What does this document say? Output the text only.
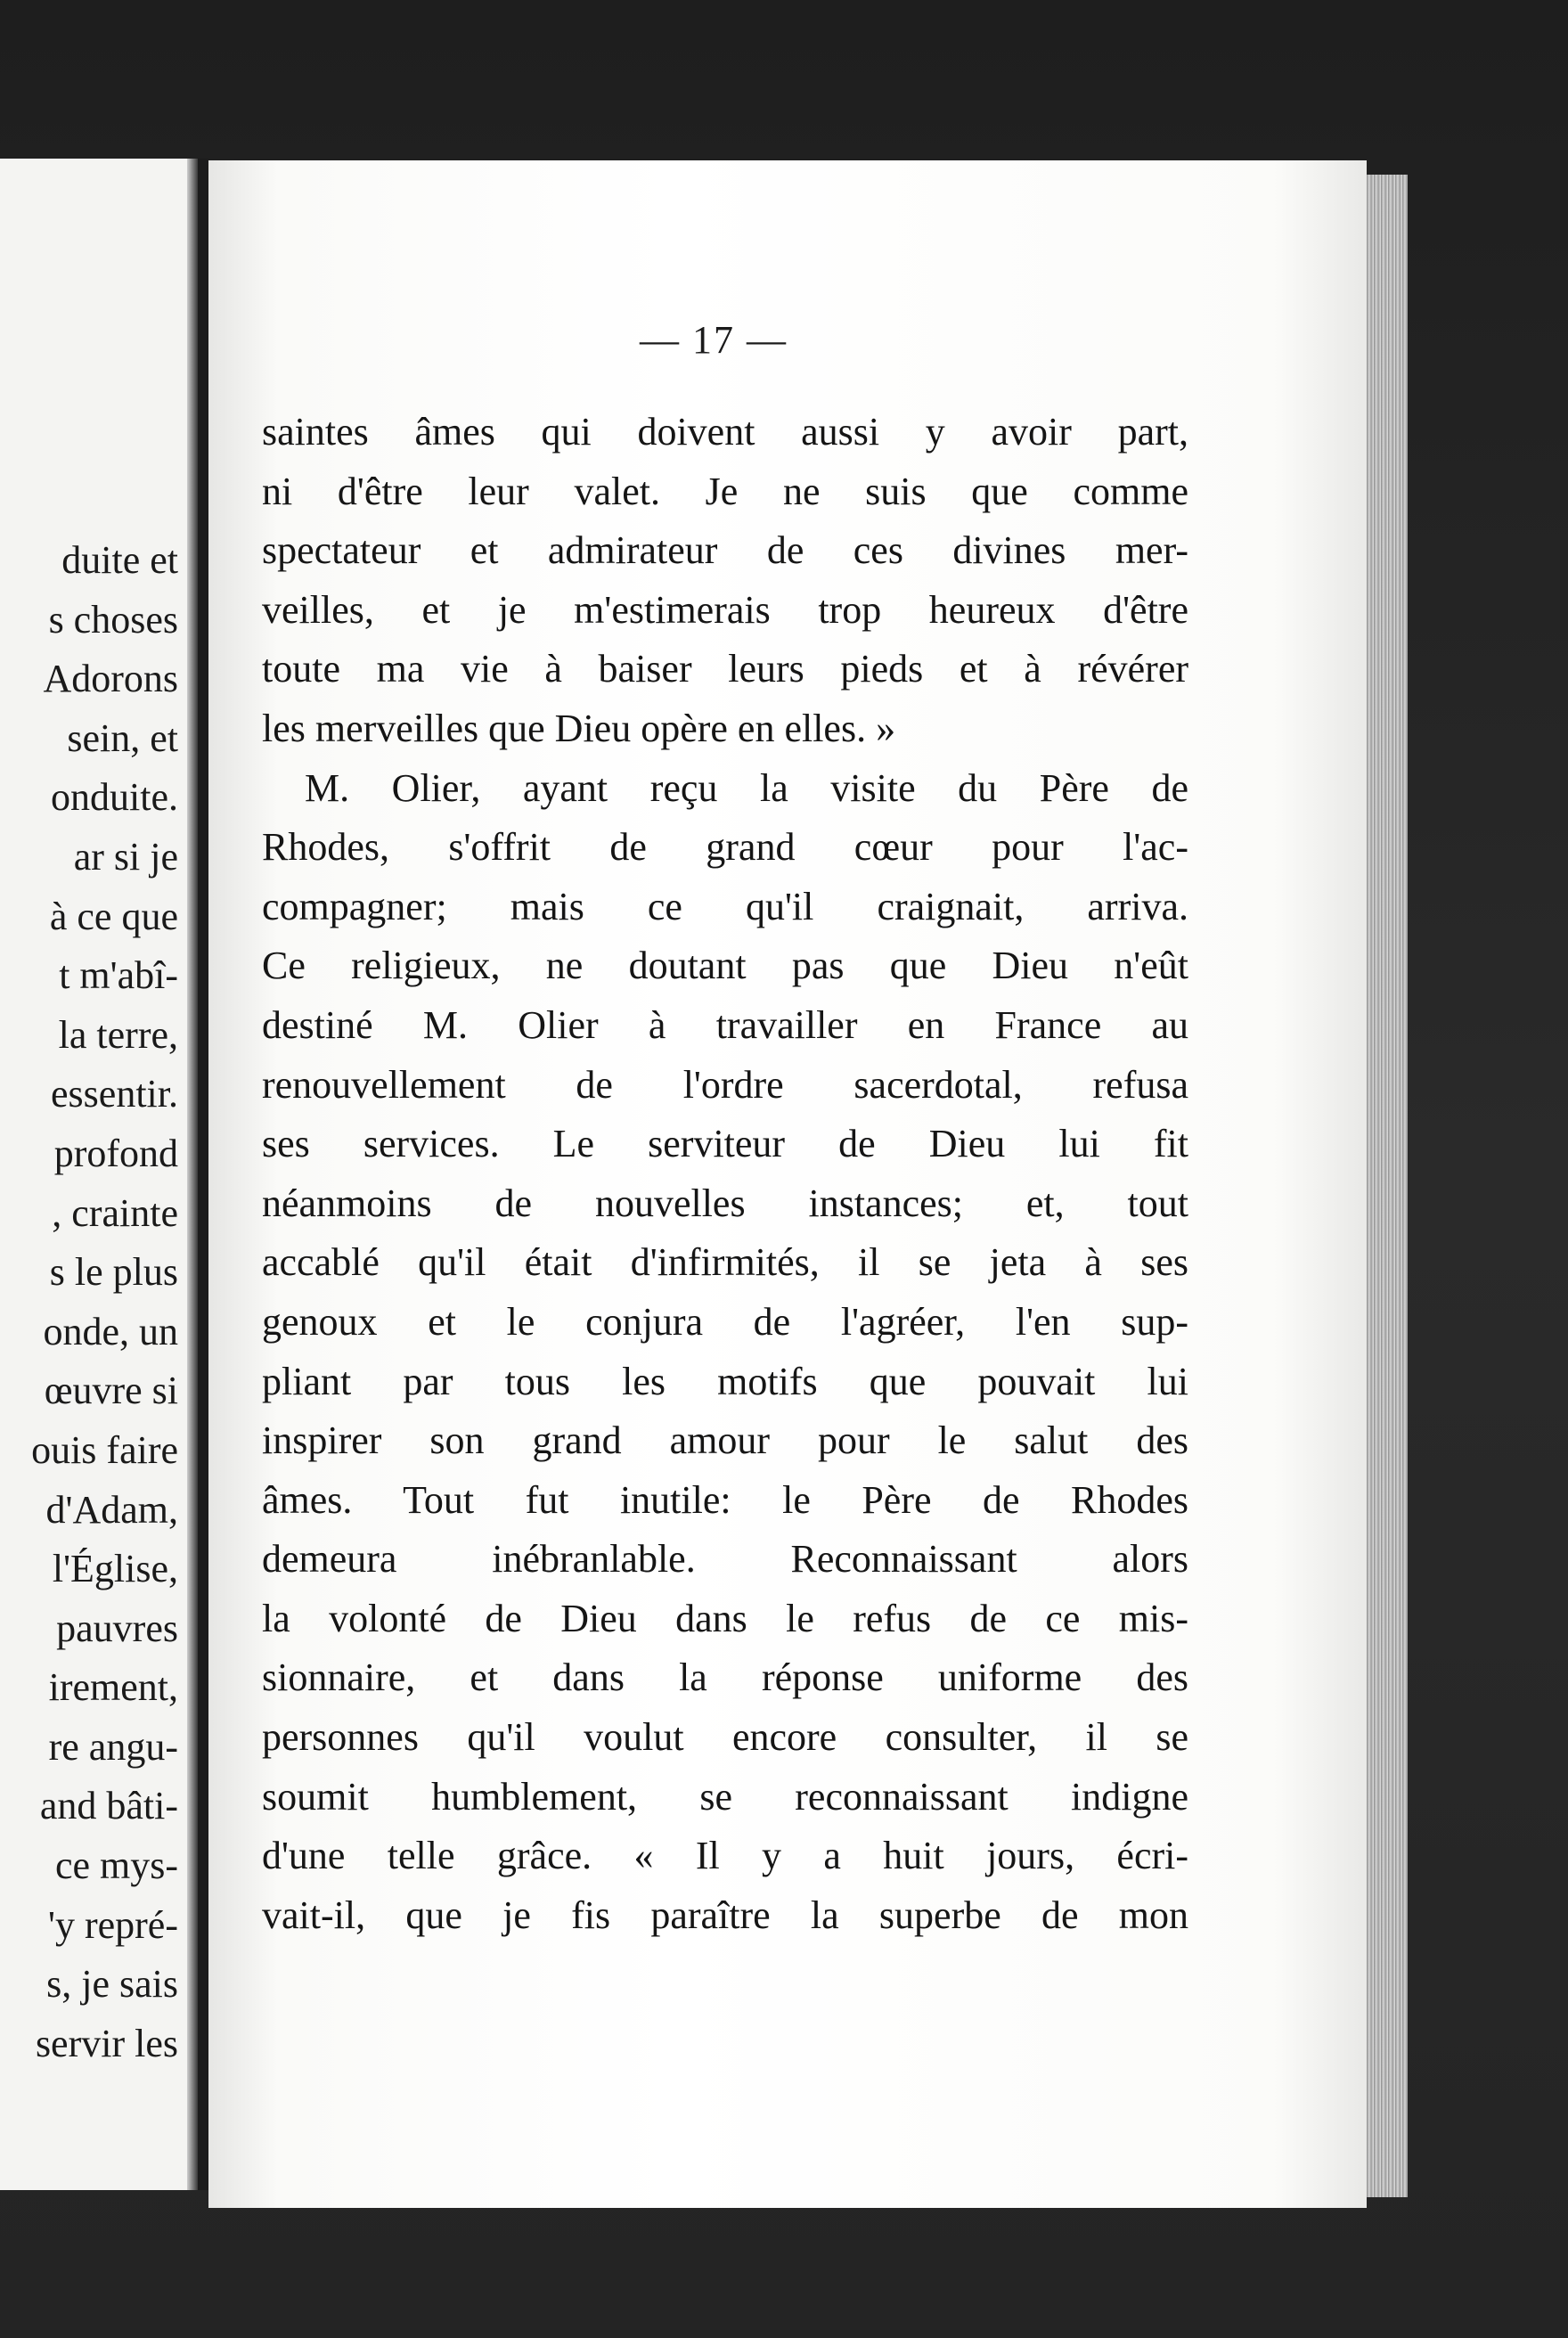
duite et
s choses
Adorons
sein, et
onduite.
ar si je
à ce que
t m'abî-
la terre,
essentir.
profond
, crainte
s le plus
onde, un
œuvre si
ouis faire
d'Adam,
l'Église,
pauvres
irement,
re angu-
and bâti-
ce mys-
'y repré-
s, je sais
servir les
— 17 —
saintes âmes qui doivent aussi y avoir part,
ni d'être leur valet. Je ne suis que comme
spectateur et admirateur de ces divines mer-
veilles, et je m'estimerais trop heureux d'être
toute ma vie à baiser leurs pieds et à révérer
les merveilles que Dieu opère en elles. »
M. Olier, ayant reçu la visite du Père de
Rhodes, s'offrit de grand cœur pour l'ac-
compagner; mais ce qu'il craignait, arriva.
Ce religieux, ne doutant pas que Dieu n'eût
destiné M. Olier à travailler en France au
renouvellement de l'ordre sacerdotal, refusa
ses services. Le serviteur de Dieu lui fit
néanmoins de nouvelles instances; et, tout
accablé qu'il était d'infirmités, il se jeta à ses
genoux et le conjura de l'agréer, l'en sup-
pliant par tous les motifs que pouvait lui
inspirer son grand amour pour le salut des
âmes. Tout fut inutile: le Père de Rhodes
demeura inébranlable. Reconnaissant alors
la volonté de Dieu dans le refus de ce mis-
sionnaire, et dans la réponse uniforme des
personnes qu'il voulut encore consulter, il se
soumit humblement, se reconnaissant indigne
d'une telle grâce. « Il y a huit jours, écri-
vait-il, que je fis paraître la superbe de mon
